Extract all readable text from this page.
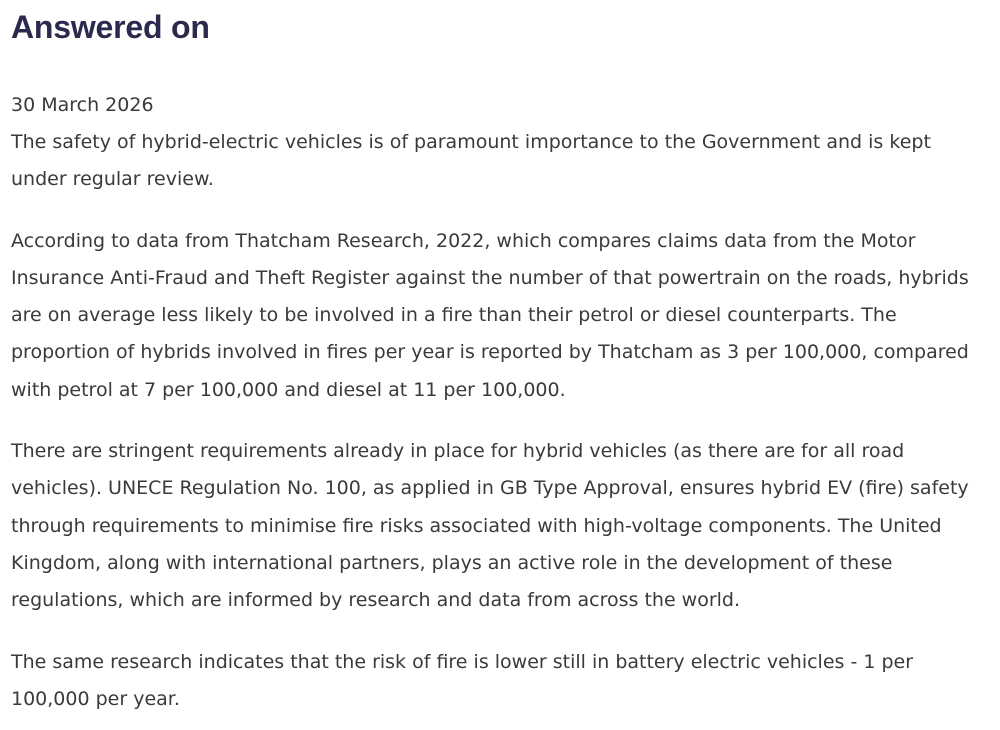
Answered on

30 March 2026

The safety of hybrid-electric vehicles is of paramount importance to the Government and is kept under regular review.

According to data from Thatcham Research, 2022, which compares claims data from the Motor Insurance Anti-Fraud and Theft Register against the number of that powertrain on the roads, hybrids are on average less likely to be involved in a fire than their petrol or diesel counterparts. The proportion of hybrids involved in fires per year is reported by Thatcham as 3 per 100,000, compared with petrol at 7 per 100,000 and diesel at 11 per 100,000.

There are stringent requirements already in place for hybrid vehicles (as there are for all road vehicles). UNECE Regulation No. 100, as applied in GB Type Approval, ensures hybrid EV (fire) safety through requirements to minimise fire risks associated with high-voltage components. The United Kingdom, along with international partners, plays an active role in the development of these regulations, which are informed by research and data from across the world.

The same research indicates that the risk of fire is lower still in battery electric vehicles - 1 per 100,000 per year.
